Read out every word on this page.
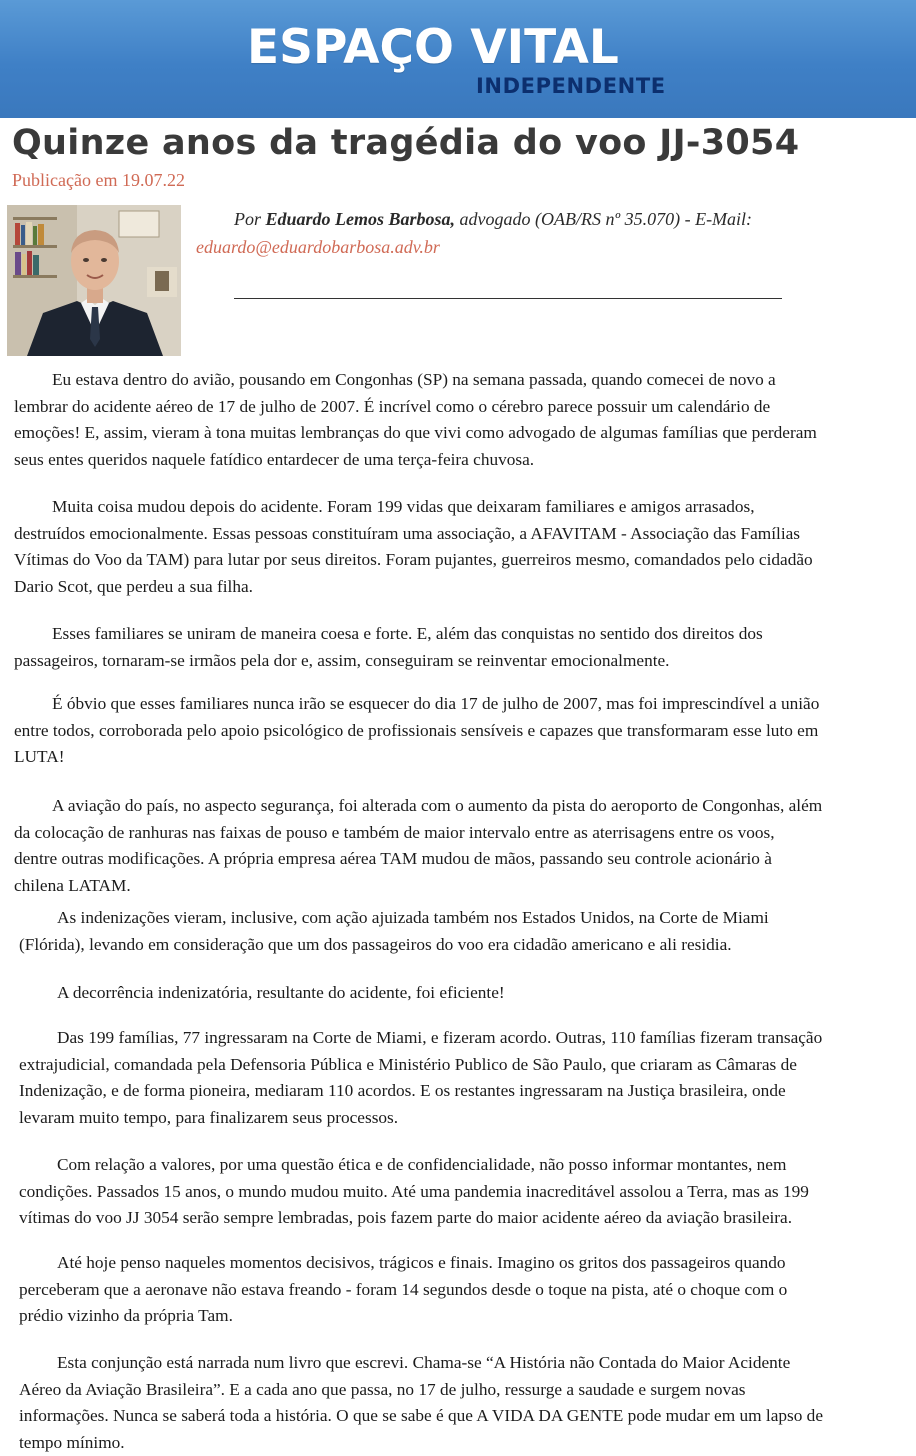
ESPAÇO VITAL
INDEPENDENTE
Quinze anos da tragédia do voo JJ-3054
Publicação em 19.07.22
Por Eduardo Lemos Barbosa, advogado (OAB/RS nº 35.070) - E-Mail:
eduardo@eduardobarbosa.adv.br

Eu estava dentro do avião, pousando em Congonhas (SP) na semana passada, quando comecei de novo a
lembrar do acidente aéreo de 17 de julho de 2007. É incrível como o cérebro parece possuir um calendário de
emoções! E, assim, vieram à tona muitas lembranças do que vivi como advogado de algumas famílias que perderam
seus entes queridos naquele fatídico entardecer de uma terça-feira chuvosa.

Muita coisa mudou depois do acidente. Foram 199 vidas que deixaram familiares e amigos arrasados,
destruídos emocionalmente. Essas pessoas constituíram uma associação, a AFAVITAM - Associação das Famílias
Vítimas do Voo da TAM) para lutar por seus direitos. Foram pujantes, guerreiros mesmo, comandados pelo cidadão
Dario Scot, que perdeu a sua filha.

Esses familiares se uniram de maneira coesa e forte. E, além das conquistas no sentido dos direitos dos
passageiros, tornaram-se irmãos pela dor e, assim, conseguiram se reinventar emocionalmente.

É óbvio que esses familiares nunca irão se esquecer do dia 17 de julho de 2007, mas foi imprescindível a união
entre todos, corroborada pelo apoio psicológico de profissionais sensíveis e capazes que transformaram esse luto em
LUTA!

A aviação do país, no aspecto segurança, foi alterada com o aumento da pista do aeroporto de Congonhas, além
da colocação de ranhuras nas faixas de pouso e também de maior intervalo entre as aterrisagens entre os voos,
dentre outras modificações. A própria empresa aérea TAM mudou de mãos, passando seu controle acionário à
chilena LATAM.

As indenizações vieram, inclusive, com ação ajuizada também nos Estados Unidos, na Corte de Miami
(Flórida), levando em consideração que um dos passageiros do voo era cidadão americano e ali residia.

A decorrência indenizatória, resultante do acidente, foi eficiente!

Das 199 famílias, 77 ingressaram na Corte de Miami, e fizeram acordo. Outras, 110 famílias fizeram transação
extrajudicial, comandada pela Defensoria Pública e Ministério Publico de São Paulo, que criaram as Câmaras de
Indenização, e de forma pioneira, mediaram 110 acordos. E os restantes ingressaram na Justiça brasileira, onde
levaram muito tempo, para finalizarem seus processos.

Com relação a valores, por uma questão ética e de confidencialidade, não posso informar montantes, nem
condições. Passados 15 anos, o mundo mudou muito. Até uma pandemia inacreditável assolou a Terra, mas as 199
vítimas do voo JJ 3054 serão sempre lembradas, pois fazem parte do maior acidente aéreo da aviação brasileira.

Até hoje penso naqueles momentos decisivos, trágicos e finais. Imagino os gritos dos passageiros quando
perceberam que a aeronave não estava freando - foram 14 segundos desde o toque na pista, até o choque com o
prédio vizinho da própria Tam.

Esta conjunção está narrada num livro que escrevi. Chama-se “A História não Contada do Maior Acidente
Aéreo da Aviação Brasileira”. E a cada ano que passa, no 17 de julho, ressurge a saudade e surgem novas
informações. Nunca se saberá toda a história. O que se sabe é que A VIDA DA GENTE pode mudar em um lapso de
tempo mínimo.
